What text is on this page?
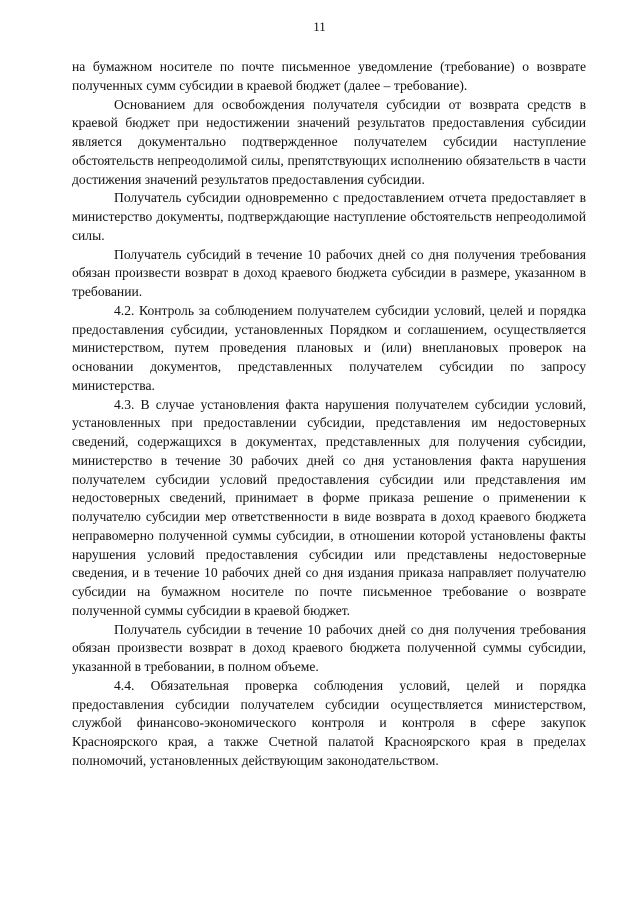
11

на бумажном носителе по почте письменное уведомление (требование) о возврате полученных сумм субсидии в краевой бюджет (далее – требование).

Основанием для освобождения получателя субсидии от возврата средств в краевой бюджет при недостижении значений результатов предоставления субсидии является документально подтвержденное получателем субсидии наступление обстоятельств непреодолимой силы, препятствующих исполнению обязательств в части достижения значений результатов предоставления субсидии.

Получатель субсидии одновременно с предоставлением отчета предоставляет в министерство документы, подтверждающие наступление обстоятельств непреодолимой силы.

Получатель субсидий в течение 10 рабочих дней со дня получения требования обязан произвести возврат в доход краевого бюджета субсидии в размере, указанном в требовании.

4.2. Контроль за соблюдением получателем субсидии условий, целей и порядка предоставления субсидии, установленных Порядком и соглашением, осуществляется министерством, путем проведения плановых и (или) внеплановых проверок на основании документов, представленных получателем субсидии по запросу министерства.

4.3. В случае установления факта нарушения получателем субсидии условий, установленных при предоставлении субсидии, представления им недостоверных сведений, содержащихся в документах, представленных для получения субсидии, министерство в течение 30 рабочих дней со дня установления факта нарушения получателем субсидии условий предоставления субсидии или представления им недостоверных сведений, принимает в форме приказа решение о применении к получателю субсидии мер ответственности в виде возврата в доход краевого бюджета неправомерно полученной суммы субсидии, в отношении которой установлены факты нарушения условий предоставления субсидии или представлены недостоверные сведения, и в течение 10 рабочих дней со дня издания приказа направляет получателю субсидии на бумажном носителе по почте письменное требование о возврате полученной суммы субсидии в краевой бюджет.

Получатель субсидии в течение 10 рабочих дней со дня получения требования обязан произвести возврат в доход краевого бюджета полученной суммы субсидии, указанной в требовании, в полном объеме.

4.4. Обязательная проверка соблюдения условий, целей и порядка предоставления субсидии получателем субсидии осуществляется министерством, службой финансово-экономического контроля и контроля в сфере закупок Красноярского края, а также Счетной палатой Красноярского края в пределах полномочий, установленных действующим законодательством.
